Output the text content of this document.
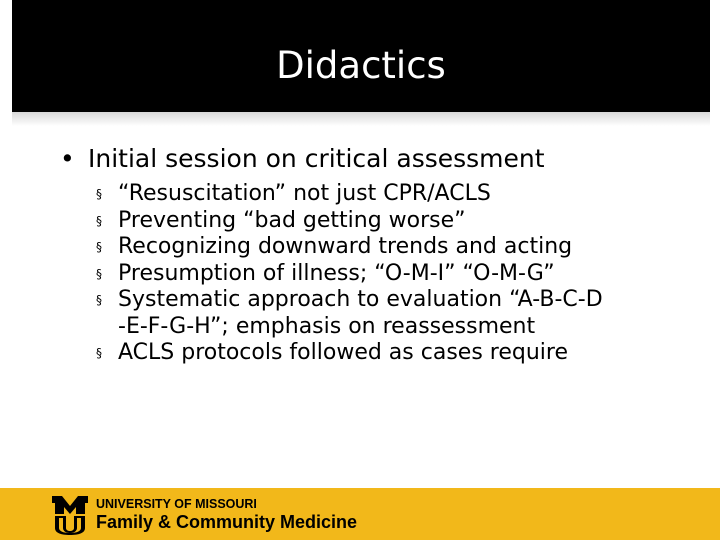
Didactics
• Initial session on critical assessment
§ “Resuscitation” not just CPR/ACLS
§ Preventing “bad getting worse”
§ Recognizing downward trends and acting
§ Presumption of illness; “O-M-I” “O-M-G”
§ Systematic approach to evaluation “A-B-C-D
-E-F-G-H”; emphasis on reassessment
§ ACLS protocols followed as cases require
UNIVERSITY OF MISSOURI
Family & Community Medicine
